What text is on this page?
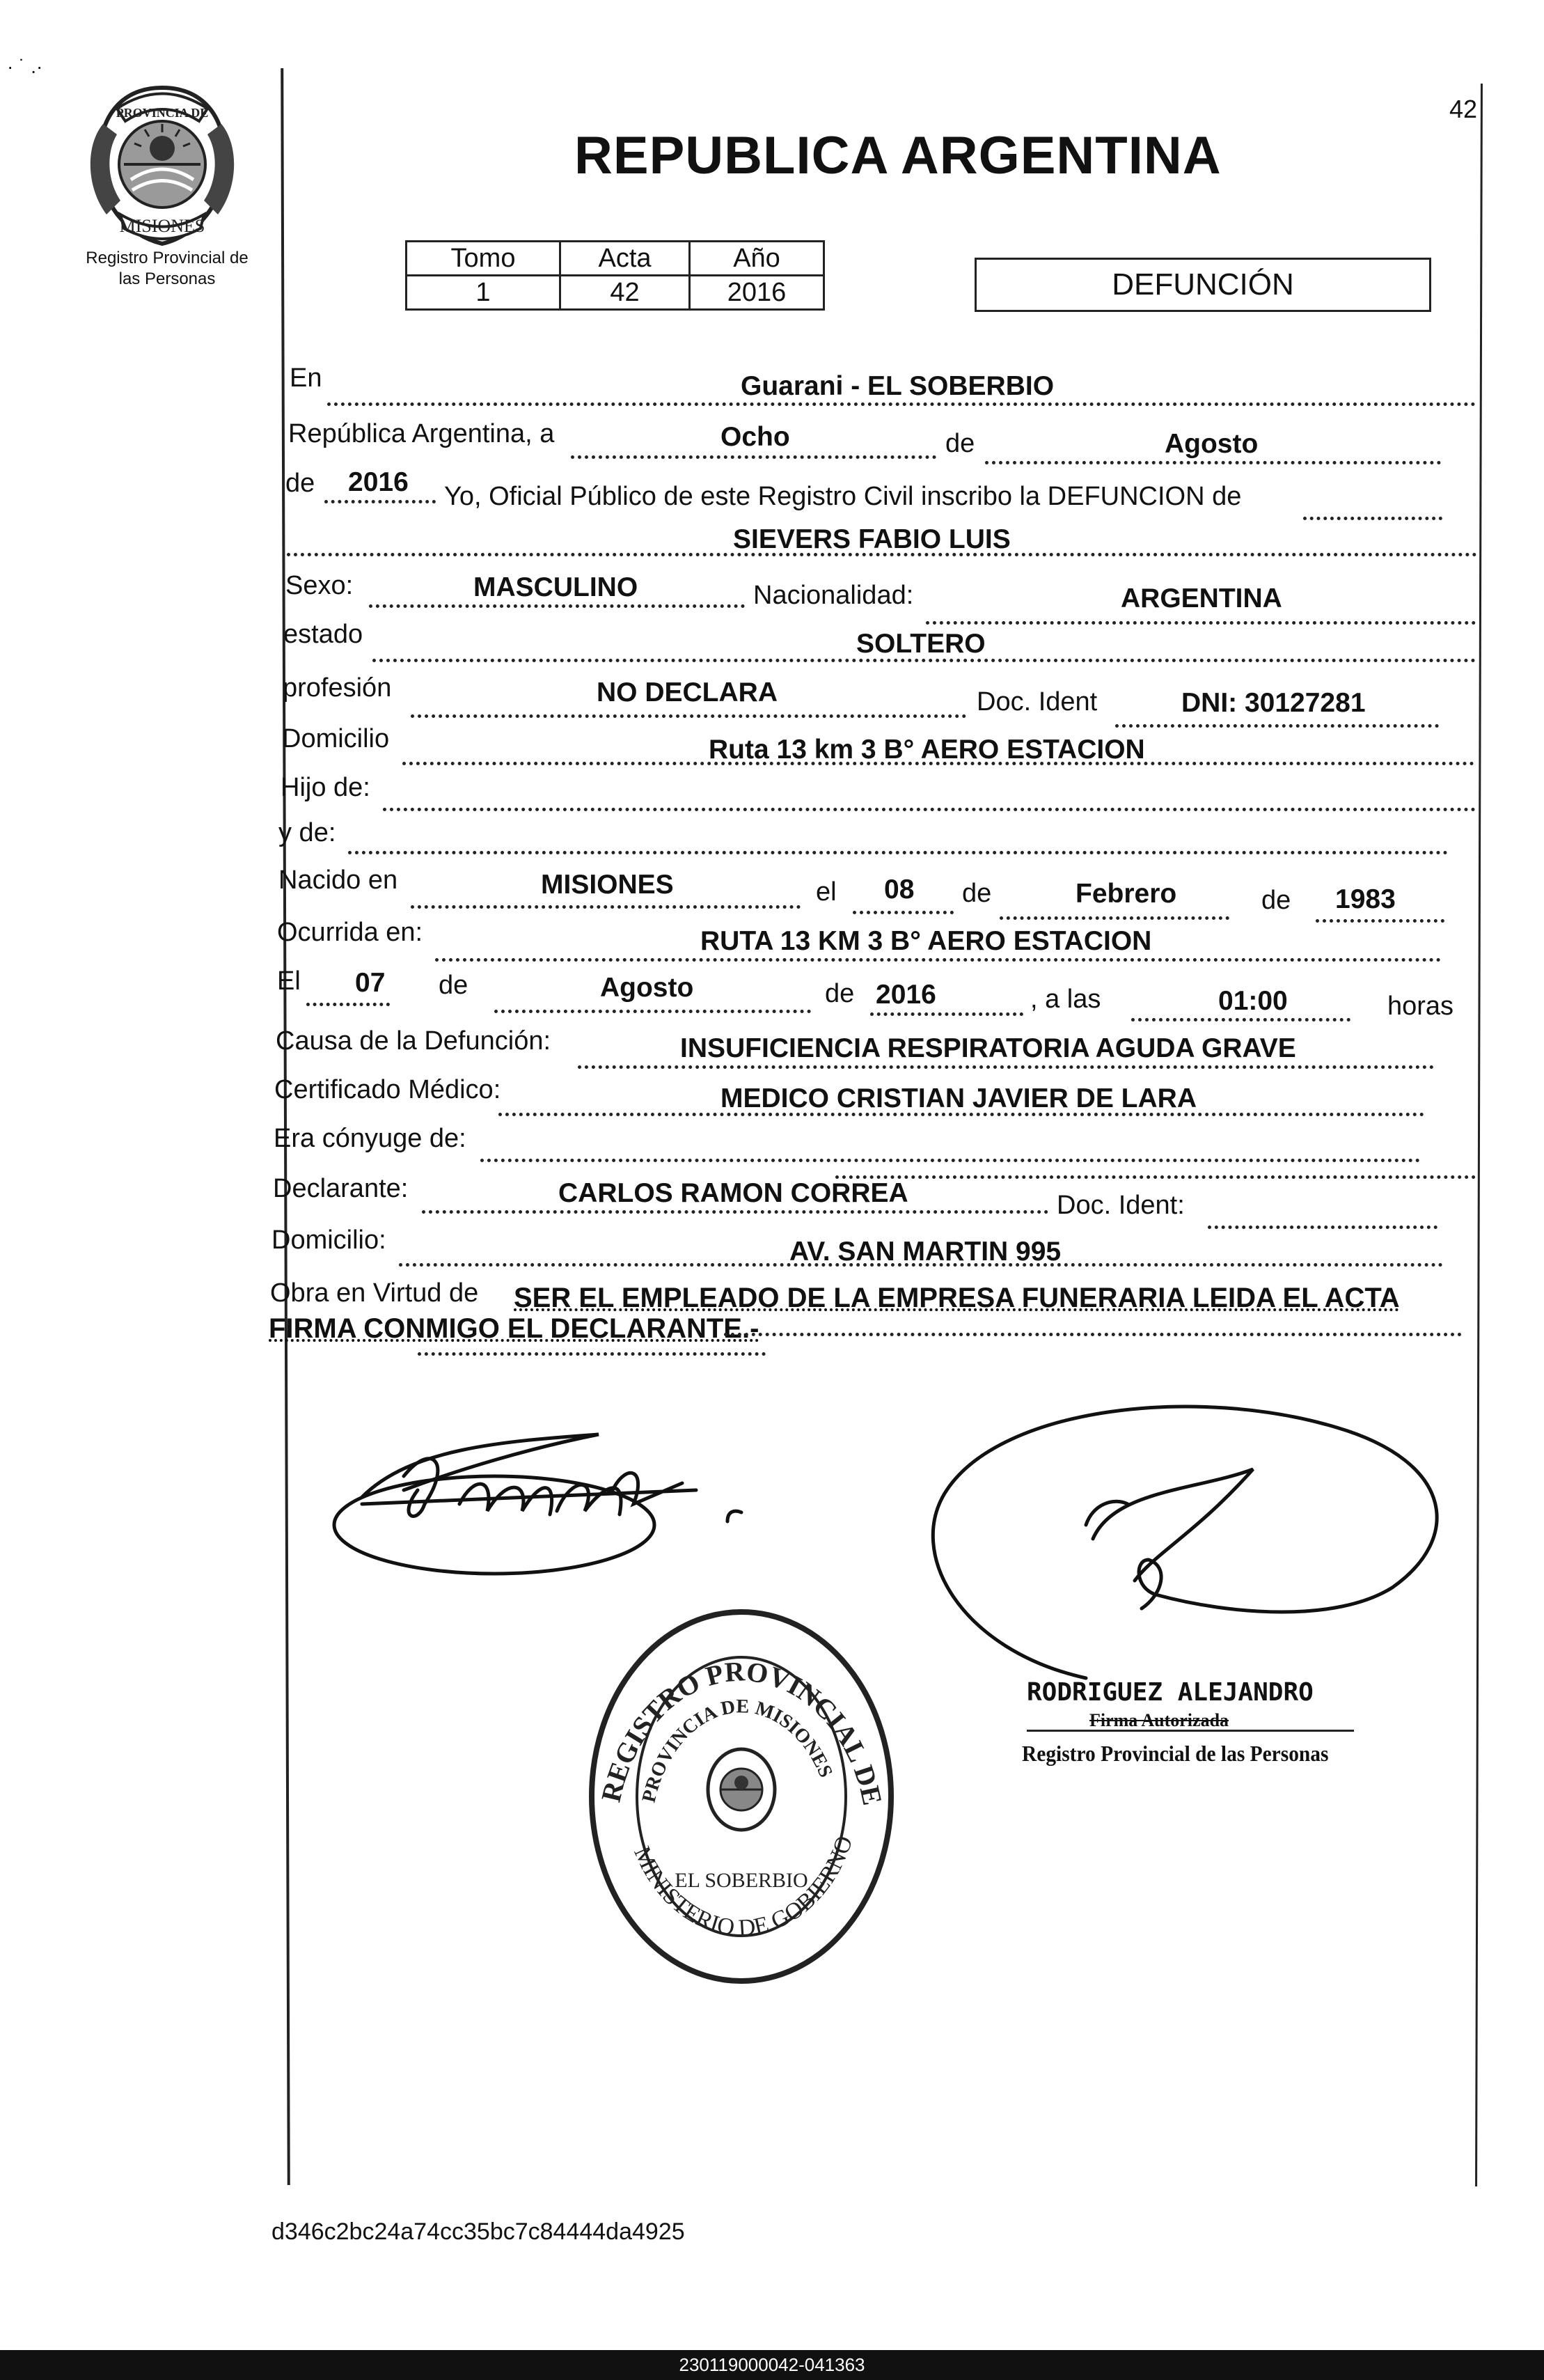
· ˙ .·
42
PROVINCIA DE
MISIONES
Registro Provincial de
las Personas
REPUBLICA ARGENTINA
Tomo	Acta	Año
1	42	2016	DEFUNCIÓN
En	Guarani - EL SOBERBIO
República Argentina, a	Ocho	de	Agosto
de 2016 Yo, Oficial Público de este Registro Civil inscribo la DEFUNCION de
SIEVERS FABIO LUIS
Sexo:	MASCULINO	Nacionalidad:	ARGENTINA
estado	SOLTERO
profesión	NO DECLARA	Doc. Ident	DNI: 30127281
Domicilio	Ruta 13 km 3 B° AERO ESTACION
Hijo de:
y de:
Nacido en	MISIONES	el 08 de	Febrero	de 1983
Ocurrida en:	RUTA 13 KM 3 B° AERO ESTACION
El 07 de	Agosto	de 2016	, a las	01:00	horas
Causa de la Defunción:	INSUFICIENCIA RESPIRATORIA AGUDA GRAVE
Certificado Médico:	MEDICO CRISTIAN JAVIER DE LARA
Era cónyuge de:
Declarante:	CARLOS RAMON CORREA	Doc. Ident:
Domicilio:	AV. SAN MARTIN 995
Obra en Virtud de SER EL EMPLEADO DE LA EMPRESA FUNERARIA LEIDA EL ACTA
FIRMA CONMIGO EL DECLARANTE.-
REGISTRO PROVINCIAL DE
PROVINCIA DE MISIONES
MINISTERIO DE GOBIERNO
EL SOBERBIO
RODRIGUEZ ALEJANDRO
Firma Autorizada
Registro Provincial de las Personas
d346c2bc24a74cc35bc7c84444da4925
230119000042-041363
